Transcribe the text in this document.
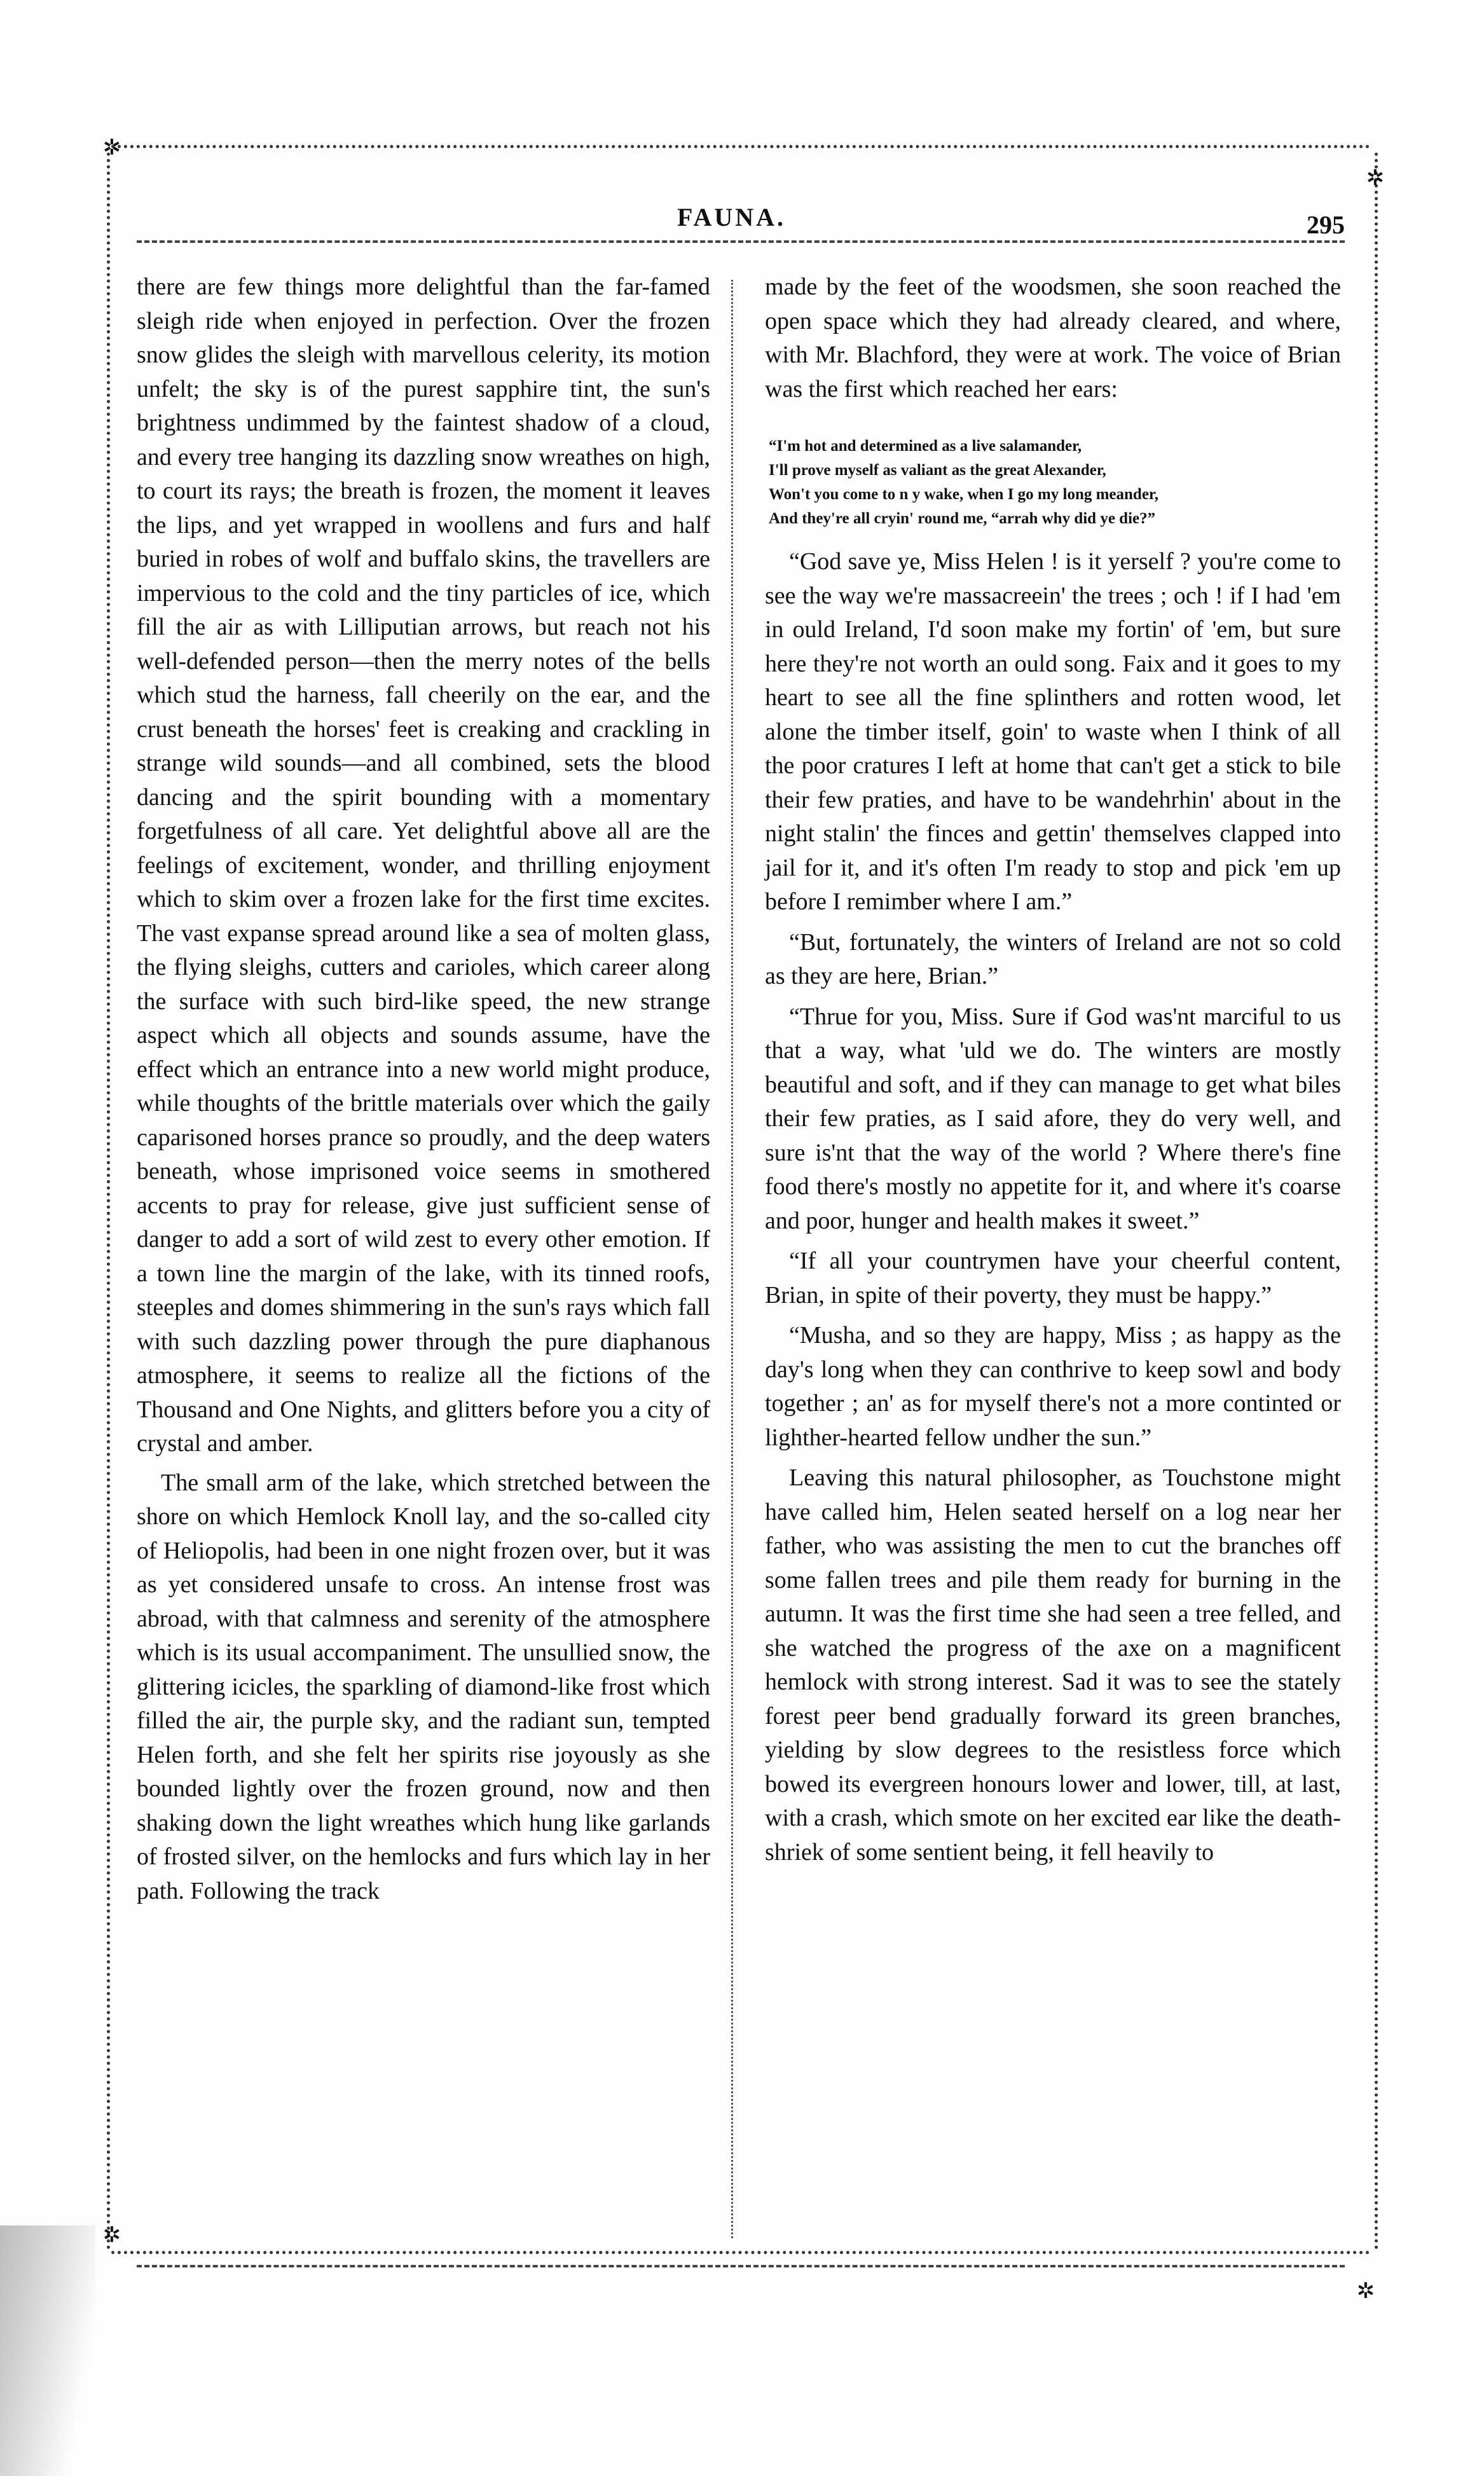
✲
✲
✲
✲
FAUNA.	295

there are few things more delightful than the far-famed sleigh ride when enjoyed in perfection. Over the frozen snow glides the sleigh with marvellous celerity, its motion unfelt; the sky is of the purest sapphire tint, the sun's brightness undimmed by the faintest shadow of a cloud, and every tree hanging its dazzling snow wreathes on high, to court its rays; the breath is frozen, the moment it leaves the lips, and yet wrapped in woollens and furs and half buried in robes of wolf and buffalo skins, the travellers are impervious to the cold and the tiny particles of ice, which fill the air as with Lilliputian arrows, but reach not his well-defended person—then the merry notes of the bells which stud the harness, fall cheerily on the ear, and the crust beneath the horses' feet is creaking and crackling in strange wild sounds—and all combined, sets the blood dancing and the spirit bounding with a momentary forgetfulness of all care. Yet delightful above all are the feelings of excitement, wonder, and thrilling enjoyment which to skim over a frozen lake for the first time excites. The vast expanse spread around like a sea of molten glass, the flying sleighs, cutters and carioles, which career along the surface with such bird-like speed, the new strange aspect which all objects and sounds assume, have the effect which an entrance into a new world might produce, while thoughts of the brittle materials over which the gaily caparisoned horses prance so proudly, and the deep waters beneath, whose imprisoned voice seems in smothered accents to pray for release, give just sufficient sense of danger to add a sort of wild zest to every other emotion. If a town line the margin of the lake, with its tinned roofs, steeples and domes shimmering in the sun's rays which fall with such dazzling power through the pure diaphanous atmosphere, it seems to realize all the fictions of the Thousand and One Nights, and glitters before you a city of crystal and amber.

The small arm of the lake, which stretched between the shore on which Hemlock Knoll lay, and the so-called city of Heliopolis, had been in one night frozen over, but it was as yet considered unsafe to cross. An intense frost was abroad, with that calmness and serenity of the atmosphere which is its usual accompaniment. The unsullied snow, the glittering icicles, the sparkling of diamond-like frost which filled the air, the purple sky, and the radiant sun, tempted Helen forth, and she felt her spirits rise joyously as she bounded lightly over the frozen ground, now and then shaking down the light wreathes which hung like garlands of frosted silver, on the hemlocks and furs which lay in her path. Following the track

made by the feet of the woodsmen, she soon reached the open space which they had already cleared, and where, with Mr. Blachford, they were at work. The voice of Brian was the first which reached her ears:

“I'm hot and determined as a live salamander,
I'll prove myself as valiant as the great Alexander,
Won't you come to n y wake, when I go my long meander,
And they're all cryin' round me, “arrah why did ye die?”

“God save ye, Miss Helen ! is it yerself ? you're come to see the way we're massacreein' the trees ; och ! if I had 'em in ould Ireland, I'd soon make my fortin' of 'em, but sure here they're not worth an ould song. Faix and it goes to my heart to see all the fine splinthers and rotten wood, let alone the timber itself, goin' to waste when I think of all the poor cratures I left at home that can't get a stick to bile their few praties, and have to be wandehrhin' about in the night stalin' the finces and gettin' themselves clapped into jail for it, and it's often I'm ready to stop and pick 'em up before I remimber where I am.”

“But, fortunately, the winters of Ireland are not so cold as they are here, Brian.”

“Thrue for you, Miss. Sure if God was'nt marciful to us that a way, what 'uld we do. The winters are mostly beautiful and soft, and if they can manage to get what biles their few praties, as I said afore, they do very well, and sure is'nt that the way of the world ? Where there's fine food there's mostly no appetite for it, and where it's coarse and poor, hunger and health makes it sweet.”

“If all your countrymen have your cheerful content, Brian, in spite of their poverty, they must be happy.”

“Musha, and so they are happy, Miss ; as happy as the day's long when they can conthrive to keep sowl and body together ; an' as for myself there's not a more continted or lighther-hearted fellow undher the sun.”

Leaving this natural philosopher, as Touchstone might have called him, Helen seated herself on a log near her father, who was assisting the men to cut the branches off some fallen trees and pile them ready for burning in the autumn. It was the first time she had seen a tree felled, and she watched the progress of the axe on a magnificent hemlock with strong interest. Sad it was to see the stately forest peer bend gradually forward its green branches, yielding by slow degrees to the resistless force which bowed its evergreen honours lower and lower, till, at last, with a crash, which smote on her excited ear like the death-shriek of some sentient being, it fell heavily to
